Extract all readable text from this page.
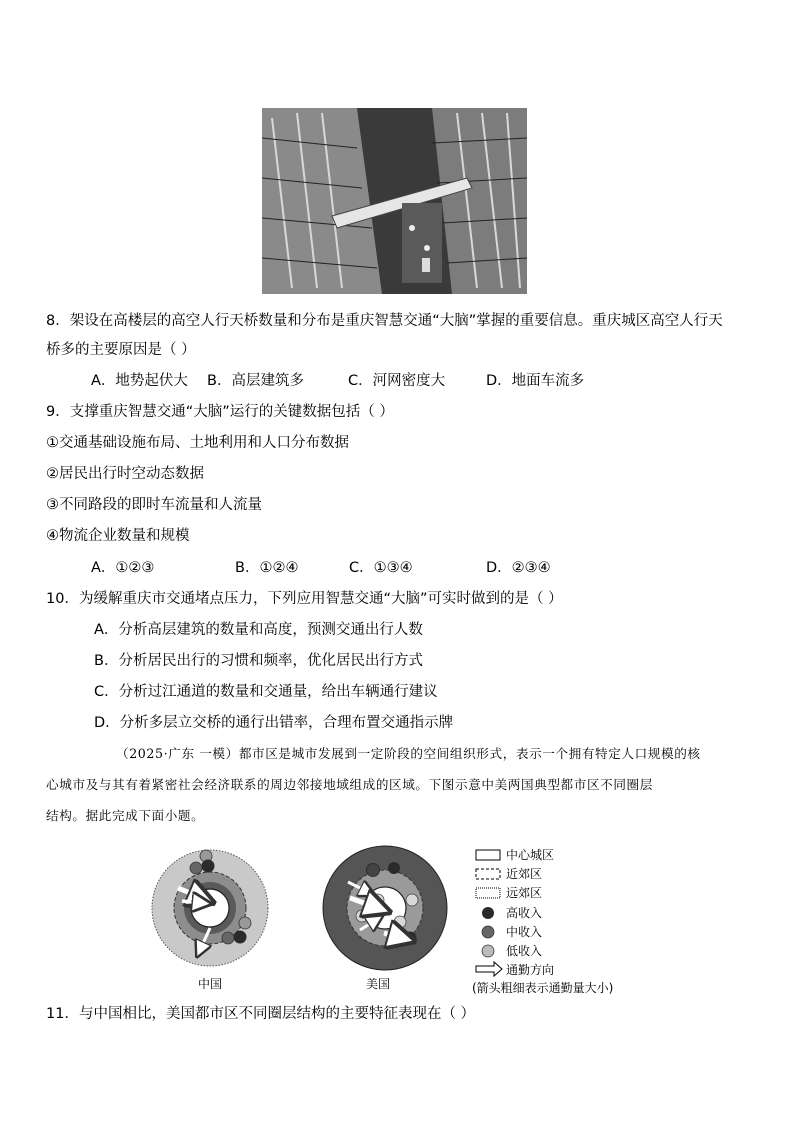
8．架设在高楼层的高空人行天桥数量和分布是重庆智慧交通“大脑”掌握的重要信息。重庆城区高空人行天
桥多的主要原因是（ ）
A．地势起伏大 B．高层建筑多	C．河网密度大	D．地面车流多
9．支撑重庆智慧交通“大脑”运行的关键数据包括（ ）
①交通基础设施布局、土地利用和人口分布数据
②居民出行时空动态数据
③不同路段的即时车流量和人流量
④物流企业数量和规模
A．①②③	B．①②④	C．①③④	D．②③④
10．为缓解重庆市交通堵点压力，下列应用智慧交通“大脑”可实时做到的是（ ）
A．分析高层建筑的数量和高度，预测交通出行人数
B．分析居民出行的习惯和频率，优化居民出行方式
C．分析过江通道的数量和交通量，给出车辆通行建议
D．分析多层立交桥的通行出错率，合理布置交通指示牌
（2025·广东 一模）都市区是城市发展到一定阶段的空间组织形式，表示一个拥有特定人口规模的核
心城市及与其有着紧密社会经济联系的周边邻接地域组成的区域。下图示意中美两国典型都市区不同圈层
结构。据此完成下面小题。
中国	美国
中心城区
近郊区
远郊区
高收入
中收入
低收入
通勤方向
(箭头粗细表示通勤量大小)
11．与中国相比，美国都市区不同圈层结构的主要特征表现在（ ）
